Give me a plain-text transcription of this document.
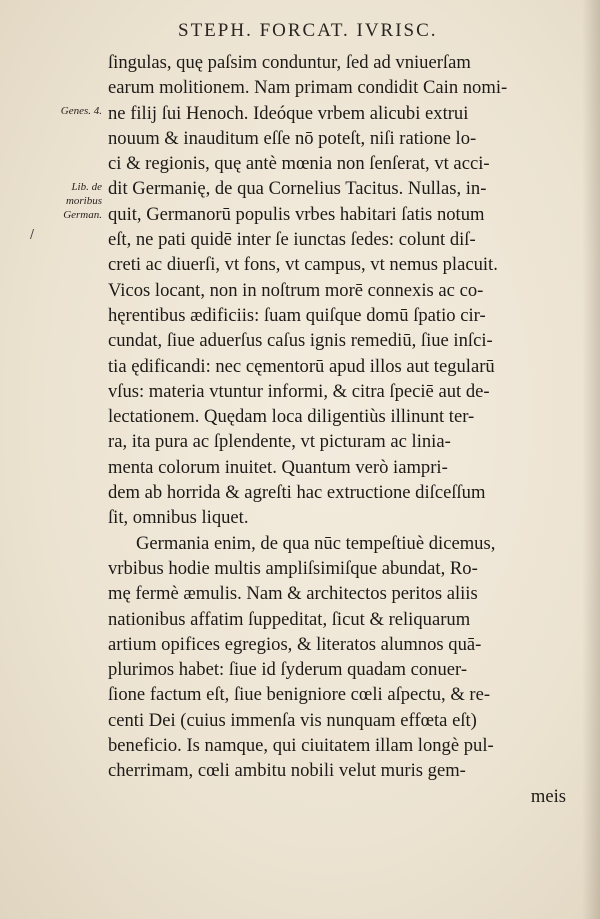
STEPH. FORCAT. IVRISC.
Genes. 4.
Lib. de
moribus
German.
/
ſingulas, quę paſsim conduntur, ſed ad vniuerſam
earum molitionem. Nam primam condidit Cain nomi-
ne filij ſui Henoch. Ideóque vrbem alicubi extrui
nouum & inauditum eſſe nō poteſt, niſi ratione lo-
ci & regionis, quę antè mœnia non ſenſerat, vt acci-
dit Germanię, de qua Cornelius Tacitus. Nullas, in-
quit, Germanorū populis vrbes habitari ſatis notum
eſt, ne pati quidē inter ſe iunctas ſedes: colunt diſ-
creti ac diuerſi, vt fons, vt campus, vt nemus placuit.
Vicos locant, non in noſtrum morē connexis ac co-
hęrentibus ædificiis: ſuam quiſque domū ſpatio cir-
cundat, ſiue aduerſus caſus ignis remediū, ſiue inſci-
tia ędificandi: nec cęmentorū apud illos aut tegularū
vſus: materia vtuntur informi, & citra ſpeciē aut de-
lectationem. Quędam loca diligentiùs illinunt ter-
ra, ita pura ac ſplendente, vt picturam ac linia-
menta colorum inuitet. Quantum verò iampri-
dem ab horrida & agreſti hac extructione diſceſſum
ſit, omnibus liquet.
Germania enim, de qua nūc tempeſtiuè dicemus,
vrbibus hodie multis ampliſsimiſque abundat, Ro-
mę fermè æmulis. Nam & architectos peritos aliis
nationibus affatim ſuppeditat, ſicut & reliquarum
artium opifices egregios, & literatos alumnos quā-
plurimos habet: ſiue id ſyderum quadam conuer-
ſione factum eſt, ſiue benigniore cœli aſpectu, & re-
centi Dei (cuius immenſa vis nunquam effœta eſt)
beneficio. Is namque, qui ciuitatem illam longè pul-
cherrimam, cœli ambitu nobili velut muris gem-
meis
